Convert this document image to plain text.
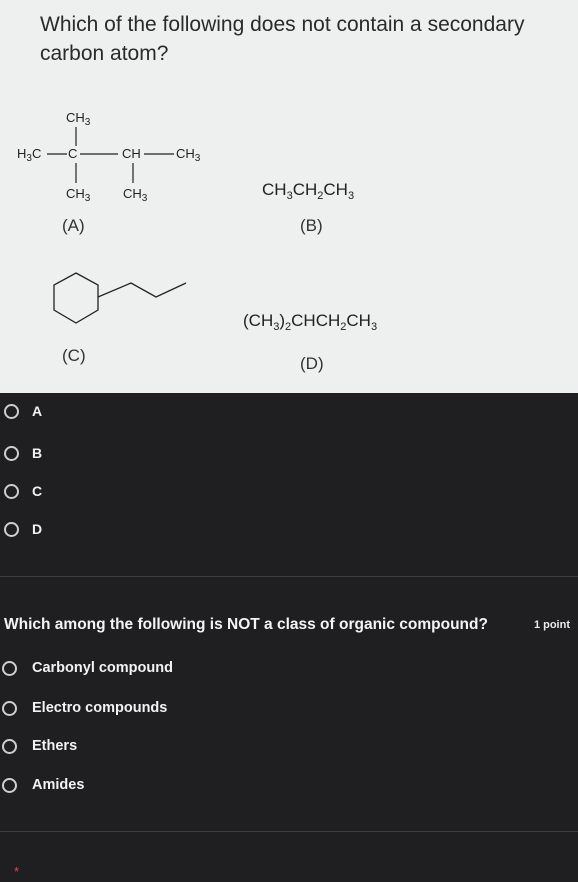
Which of the following does not contain a secondary carbon atom?
$CH_3$
$H_3C$ C	CH	$CH_3$
$CH_3$	$CH_3$
(A)	(B)
(C)	(D)
$CH_3CH_2CH_3$
$(CH_3)_2CHCH_2CH_3$
A
B
C
D
Which among the following is NOT a class of organic compound?	1 point
Carbonyl compound
Electro compounds
Ethers
Amides
*
